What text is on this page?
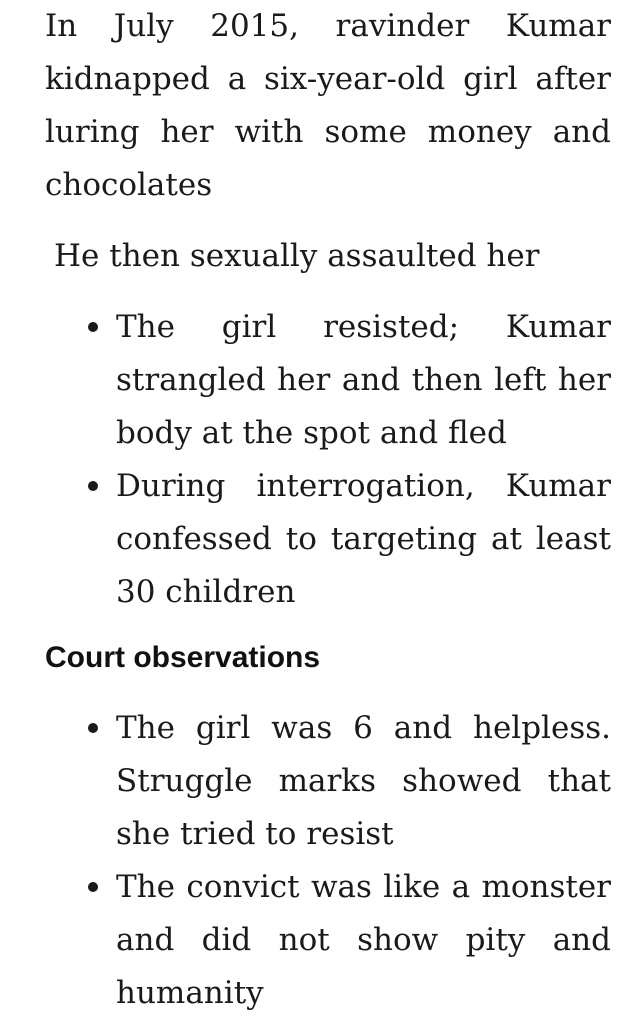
In July 2015, ravinder Kumar kidnapped a six-year-old girl after luring her with some money and chocolates

He then sexually assaulted her

The girl resisted; Kumar strangled her and then left her body at the spot and fled
During interrogation, Kumar confessed to targeting at least 30 children
Court observations
The girl was 6 and helpless. Struggle marks showed that she tried to resist
The convict was like a monster and did not show pity and humanity
